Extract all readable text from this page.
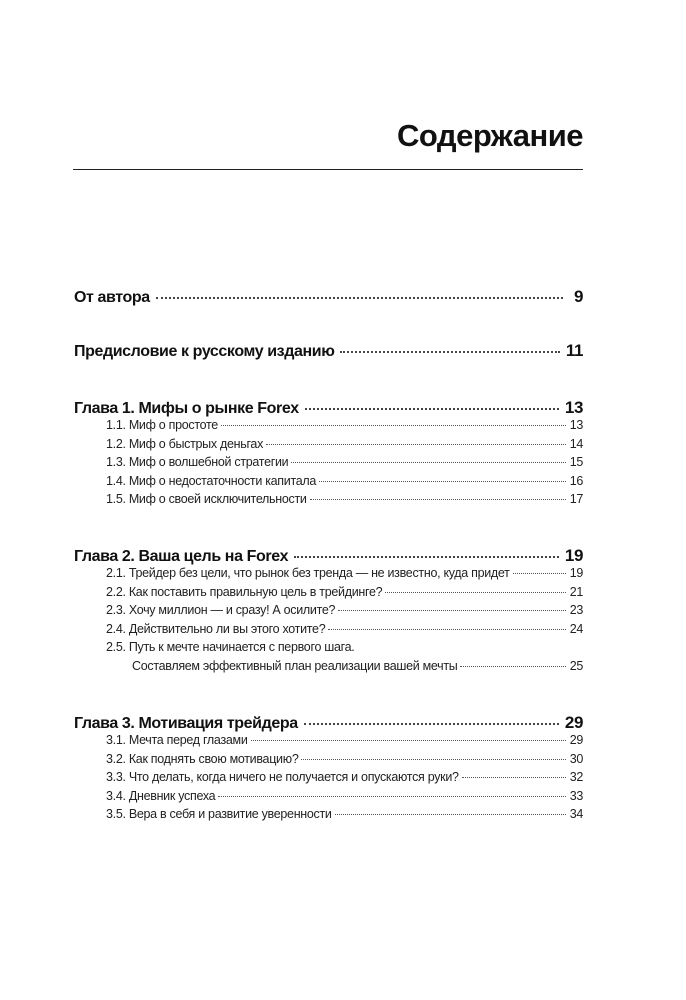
Содержание
От автора	9
Предисловие к русскому изданию	11
Глава 1. Мифы о рынке Forex	13
1.1. Миф о простоте	13
1.2. Миф о быстрых деньгах	14
1.3. Миф о волшебной стратегии	15
1.4. Миф о недостаточности капитала	16
1.5. Миф о своей исключительности	17
Глава 2. Ваша цель на Forex	19
2.1. Трейдер без цели, что рынок без тренда — не известно, куда придет	19
2.2. Как поставить правильную цель в трейдинге?	21
2.3. Хочу миллион — и сразу! А осилите?	23
2.4. Действительно ли вы этого хотите?	24
2.5. Путь к мечте начинается с первого шага.
Составляем эффективный план реализации вашей мечты	25
Глава 3. Мотивация трейдера	29
3.1. Мечта перед глазами	29
3.2. Как поднять свою мотивацию?	30
3.3. Что делать, когда ничего не получается и опускаются руки?	32
3.4. Дневник успеха	33
3.5. Вера в себя и развитие уверенности	34
